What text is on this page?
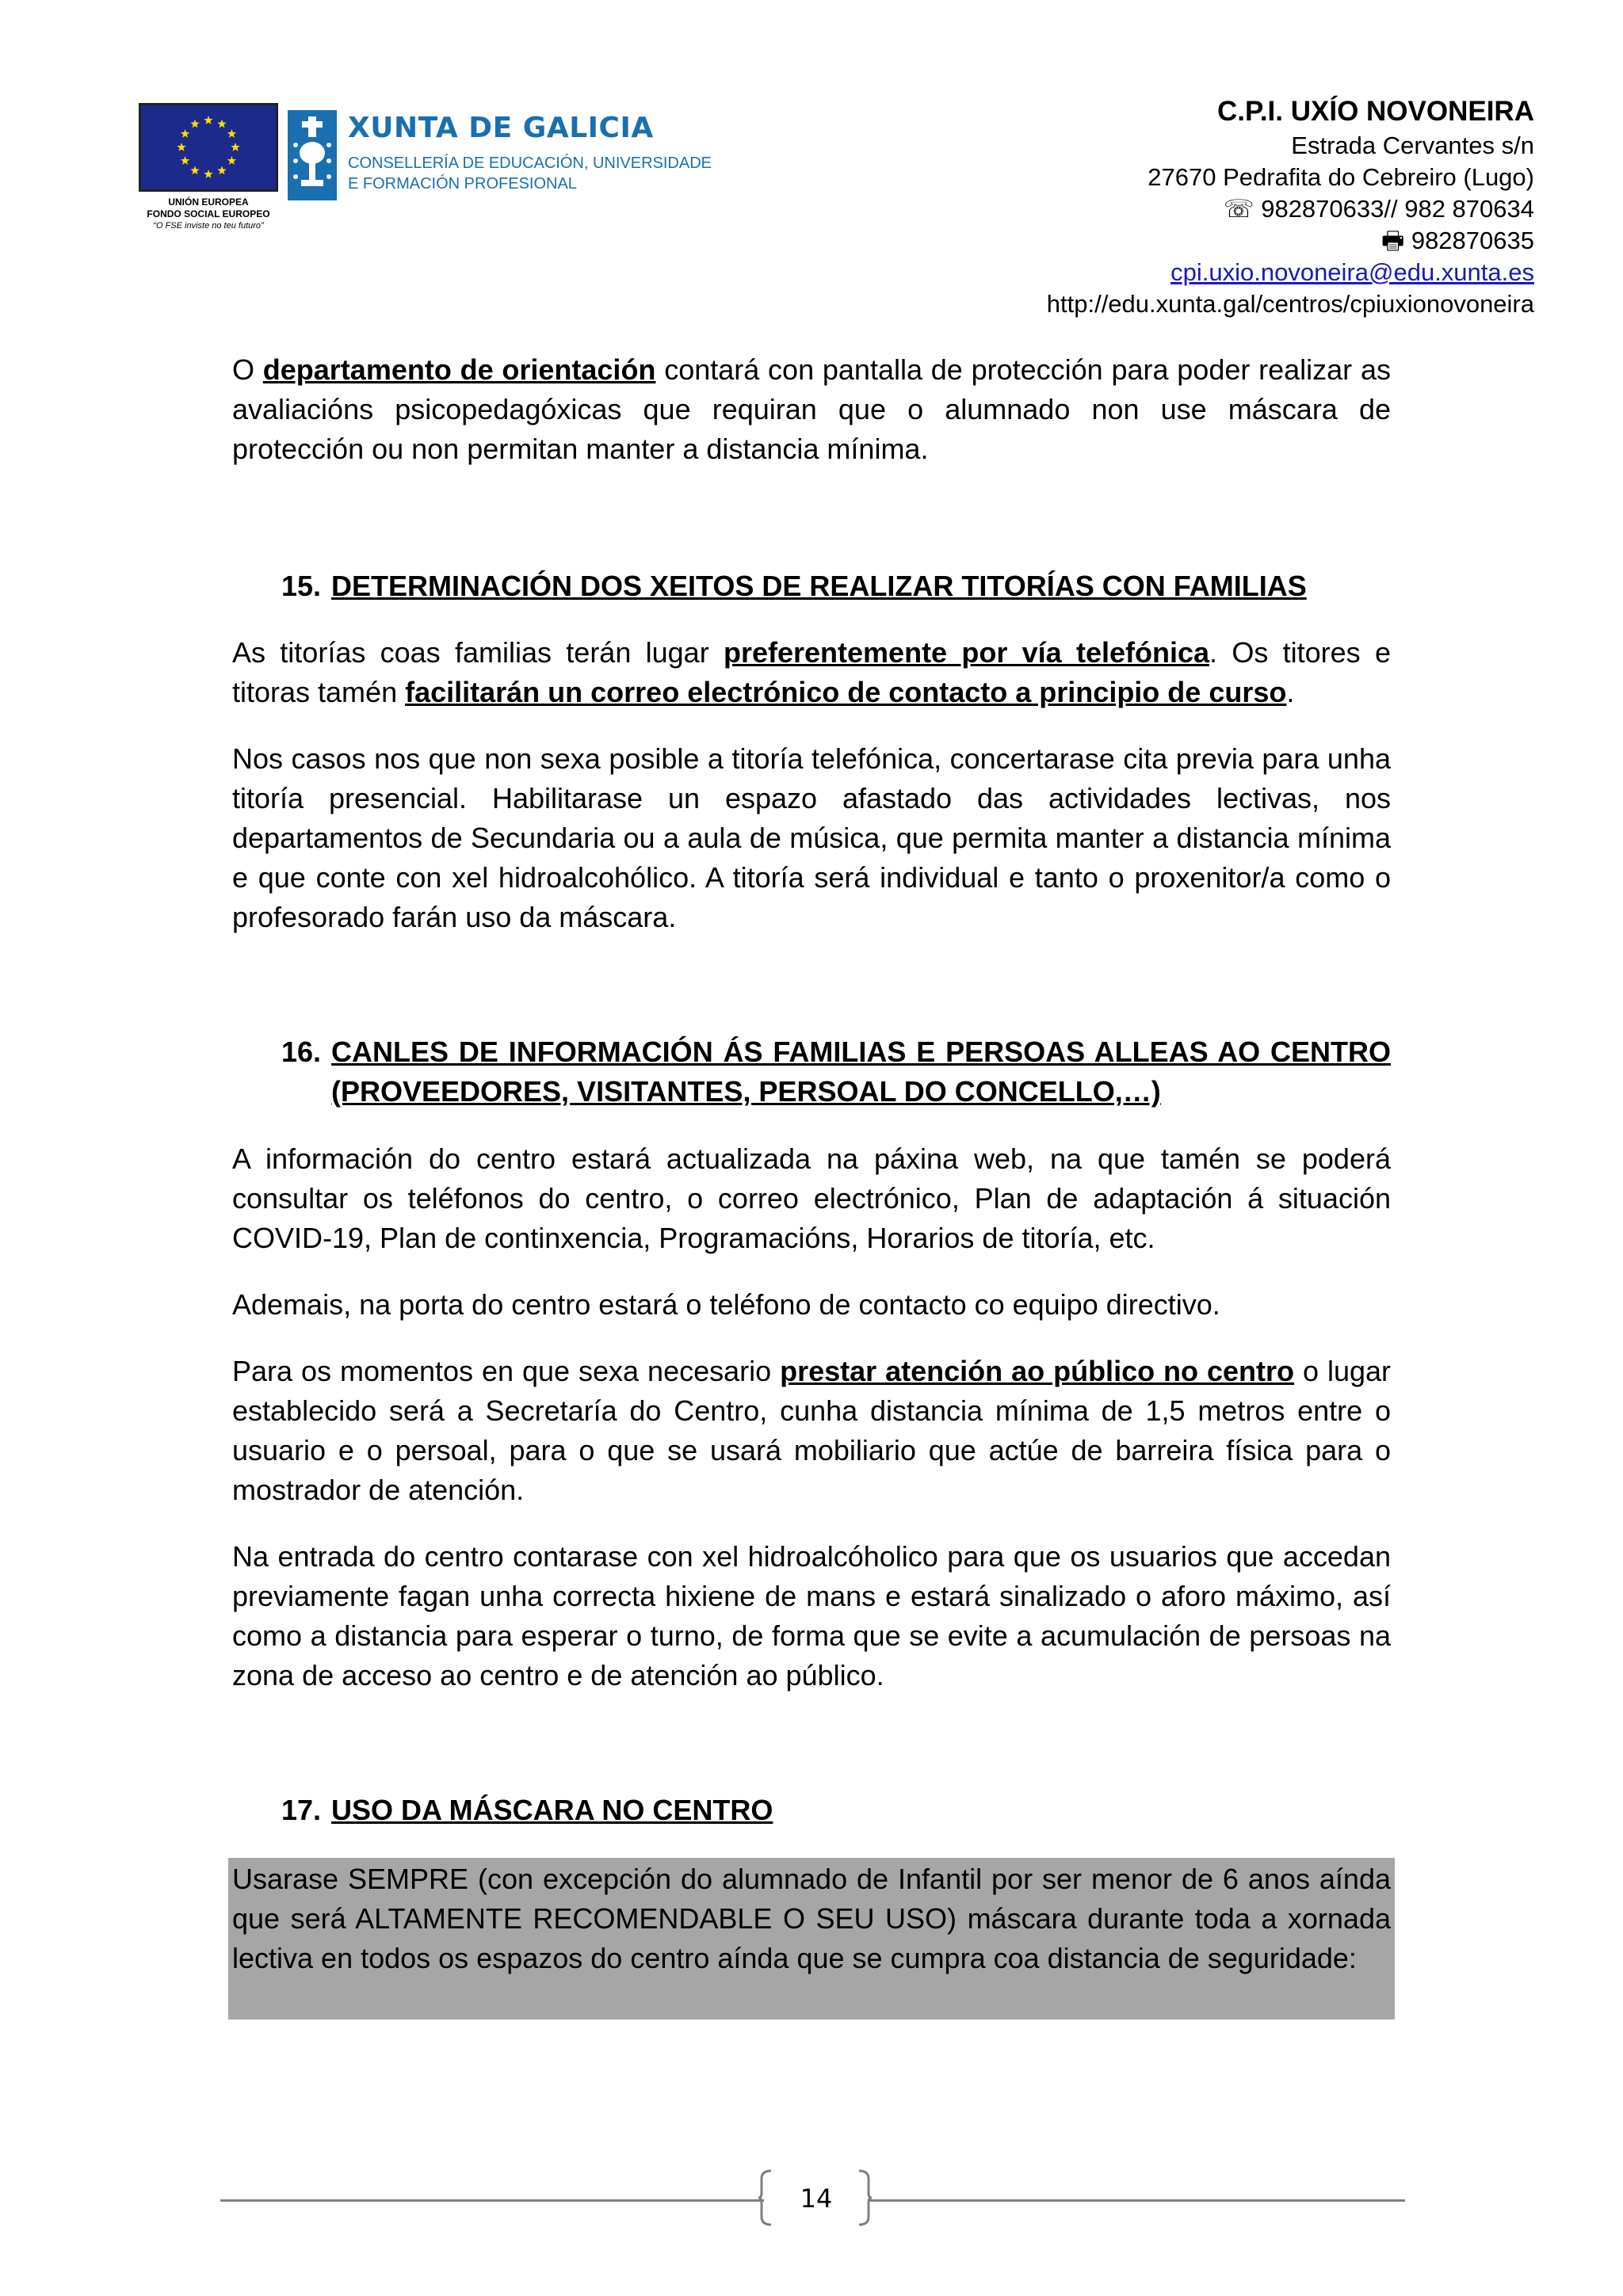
UNIÓN EUROPEA
FONDO SOCIAL EUROPEO
“O FSE inviste no teu futuro”
XUNTA DE GALICIA
CONSELLERÍA DE EDUCACIÓN, UNIVERSIDADE
E FORMACIÓN PROFESIONAL
C.P.I. UXÍO NOVONEIRA
Estrada Cervantes s/n
27670 Pedrafita do Cebreiro (Lugo)
☏ 982870633// 982 870634
🖶 982870635
cpi.uxio.novoneira@edu.xunta.es
http://edu.xunta.gal/centros/cpiuxionovoneira

O departamento de orientación contará con pantalla de protección para poder realizar as avaliacións psicopedagóxicas que requiran que o alumnado non use máscara de protección ou non permitan manter a distancia mínima.

15. DETERMINACIÓN DOS XEITOS DE REALIZAR TITORÍAS CON FAMILIAS

As titorías coas familias terán lugar preferentemente por vía telefónica. Os titores e titoras tamén facilitarán un correo electrónico de contacto a principio de curso.

Nos casos nos que non sexa posible a titoría telefónica, concertarase cita previa para unha titoría presencial. Habilitarase un espazo afastado das actividades lectivas, nos departamentos de Secundaria ou a aula de música, que permita manter a distancia mínima e que conte con xel hidroalcohólico. A titoría será individual e tanto o proxenitor/a como o profesorado farán uso da máscara.

16. CANLES DE INFORMACIÓN ÁS FAMILIAS E PERSOAS ALLEAS AO CENTRO (PROVEEDORES, VISITANTES, PERSOAL DO CONCELLO,…)

A información do centro estará actualizada na páxina web, na que tamén se poderá consultar os teléfonos do centro, o correo electrónico, Plan de adaptación á situación COVID-19, Plan de continxencia, Programacións, Horarios de titoría, etc.

Ademais, na porta do centro estará o teléfono de contacto co equipo directivo.

Para os momentos en que sexa necesario prestar atención ao público no centro o lugar establecido será a Secretaría do Centro, cunha distancia mínima de 1,5 metros entre o usuario e o persoal, para o que se usará mobiliario que actúe de barreira física para o mostrador de atención.

Na entrada do centro contarase con xel hidroalcóholico para que os usuarios que accedan previamente fagan unha correcta hixiene de mans e estará sinalizado o aforo máximo, así como a distancia para esperar o turno, de forma que se evite a acumulación de persoas na zona de acceso ao centro e de atención ao público.

17. USO DA MÁSCARA NO CENTRO
Usarase SEMPRE (con excepción do alumnado de Infantil por ser menor de 6 anos aínda que será ALTAMENTE RECOMENDABLE O SEU USO) máscara durante toda a xornada lectiva en todos os espazos do centro aínda que se cumpra coa distancia de seguridade:
14
